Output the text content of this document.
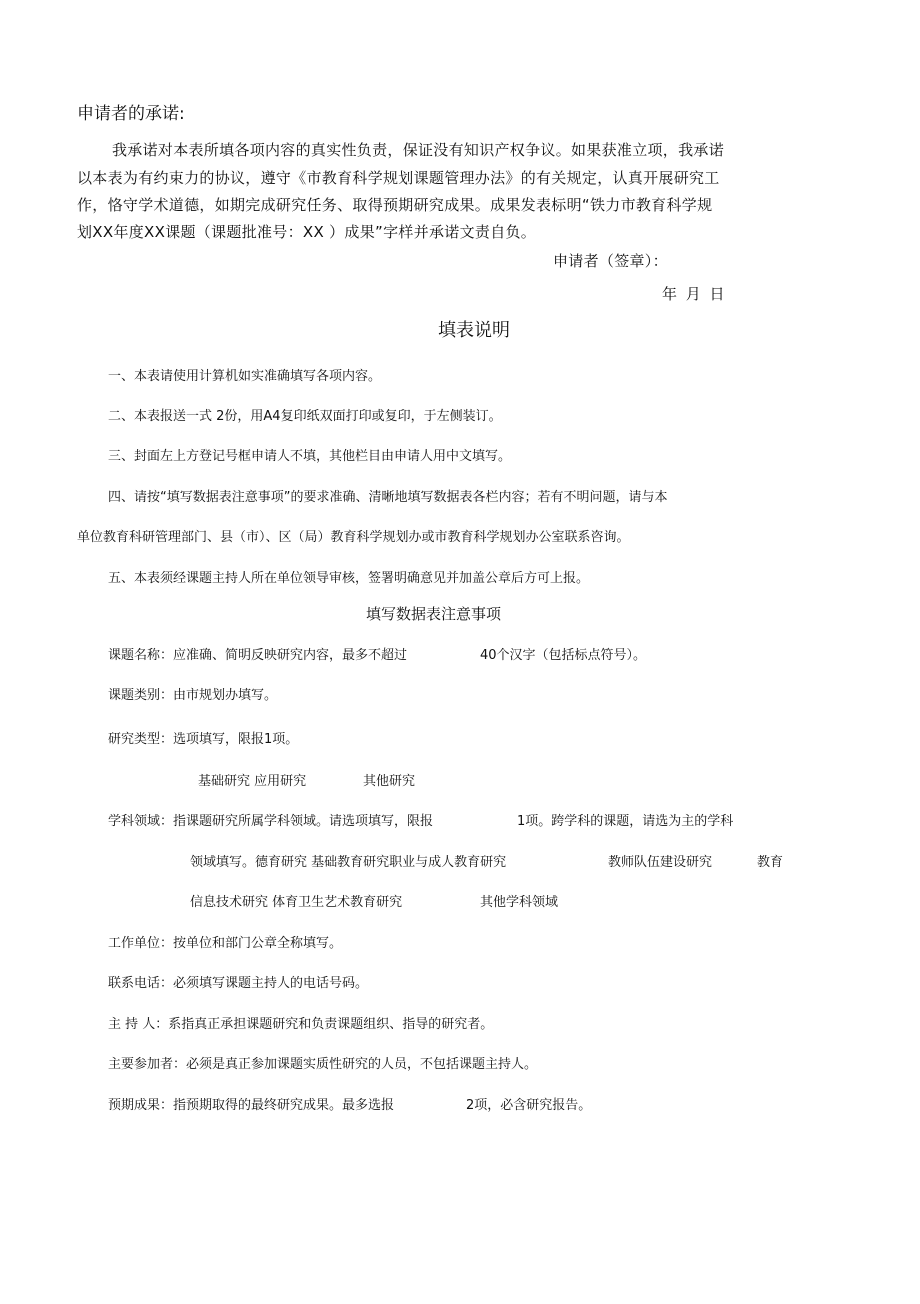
申请者的承诺:
我承诺对本表所填各项内容的真实性负责，保证没有知识产权争议。如果获准立项，我承诺
以本表为有约束力的协议，遵守《市教育科学规划课题管理办法》的有关规定，认真开展研究工
作，恪守学术道德，如期完成研究任务、取得预期研究成果。成果发表标明“铁力市教育科学规
划XX年度XX课题（课题批准号：XX ）成果”字样并承诺文责自负。
申请者（签章）：
年 月 日
填表说明
一、本表请使用计算机如实准确填写各项内容。
二、本表报送一式 2份，用A4复印纸双面打印或复印，于左侧装订。
三、封面左上方登记号框申请人不填，其他栏目由申请人用中文填写。
四、请按“填写数据表注意事项”的要求准确、清晰地填写数据表各栏内容；若有不明问题，请与本
单位教育科研管理部门、县（市）、区（局）教育科学规划办或市教育科学规划办公室联系咨询。
五、本表须经课题主持人所在单位领导审核，签署明确意见并加盖公章后方可上报。
填写数据表注意事项
课题名称：应准确、简明反映研究内容，最多不超过	40个汉字（包括标点符号）。
课题类别：由市规划办填写。
研究类型：选项填写，限报1项。
基础研究 应用研究	其他研究
学科领域：指课题研究所属学科领域。请选项填写，限报	1项。跨学科的课题，请选为主的学科
领域填写。德育研究 基础教育研究职业与成人教育研究	教师队伍建设研究	教育
信息技术研究 体育卫生艺术教育研究	其他学科领域
工作单位：按单位和部门公章全称填写。
联系电话：必须填写课题主持人的电话号码。
主 持 人：系指真正承担课题研究和负责课题组织、指导的研究者。
主要参加者：必须是真正参加课题实质性研究的人员，不包括课题主持人。
预期成果：指预期取得的最终研究成果。最多选报	2项，必含研究报告。
